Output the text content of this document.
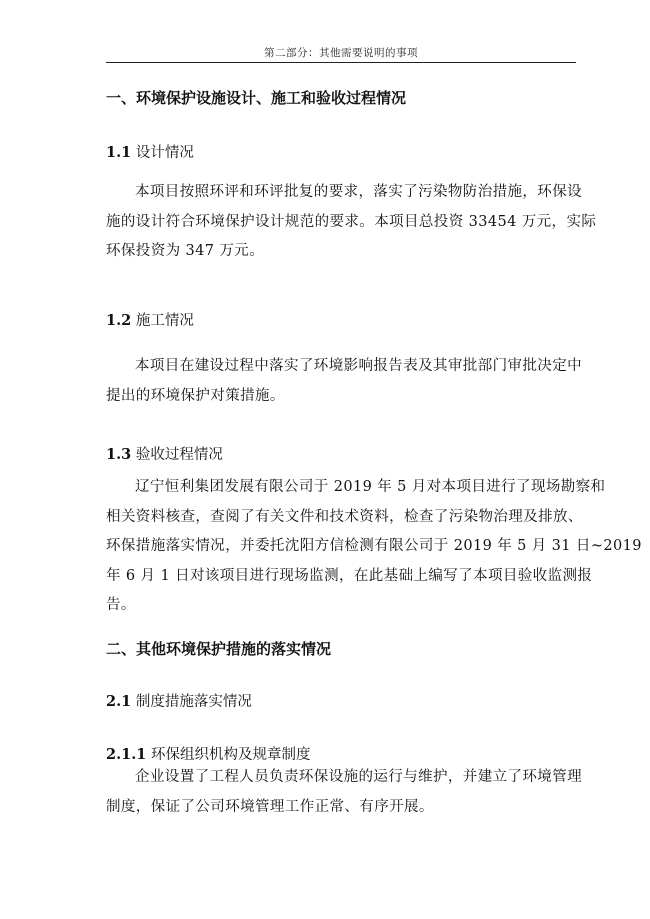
第二部分：其他需要说明的事项
一、环境保护设施设计、施工和验收过程情况
1.1 设计情况
本项目按照环评和环评批复的要求，落实了污染物防治措施，环保设
施的设计符合环境保护设计规范的要求。本项目总投资 33454 万元，实际
环保投资为 347 万元。
1.2 施工情况
本项目在建设过程中落实了环境影响报告表及其审批部门审批决定中
提出的环境保护对策措施。
1.3 验收过程情况
辽宁恒利集团发展有限公司于 2019 年 5 月对本项目进行了现场勘察和
相关资料核查，查阅了有关文件和技术资料，检查了污染物治理及排放、
环保措施落实情况，并委托沈阳方信检测有限公司于 2019 年 5 月 31 日~2019
年 6 月 1 日对该项目进行现场监测，在此基础上编写了本项目验收监测报
告。
二、其他环境保护措施的落实情况
2.1 制度措施落实情况
2.1.1 环保组织机构及规章制度
企业设置了工程人员负责环保设施的运行与维护，并建立了环境管理
制度，保证了公司环境管理工作正常、有序开展。
